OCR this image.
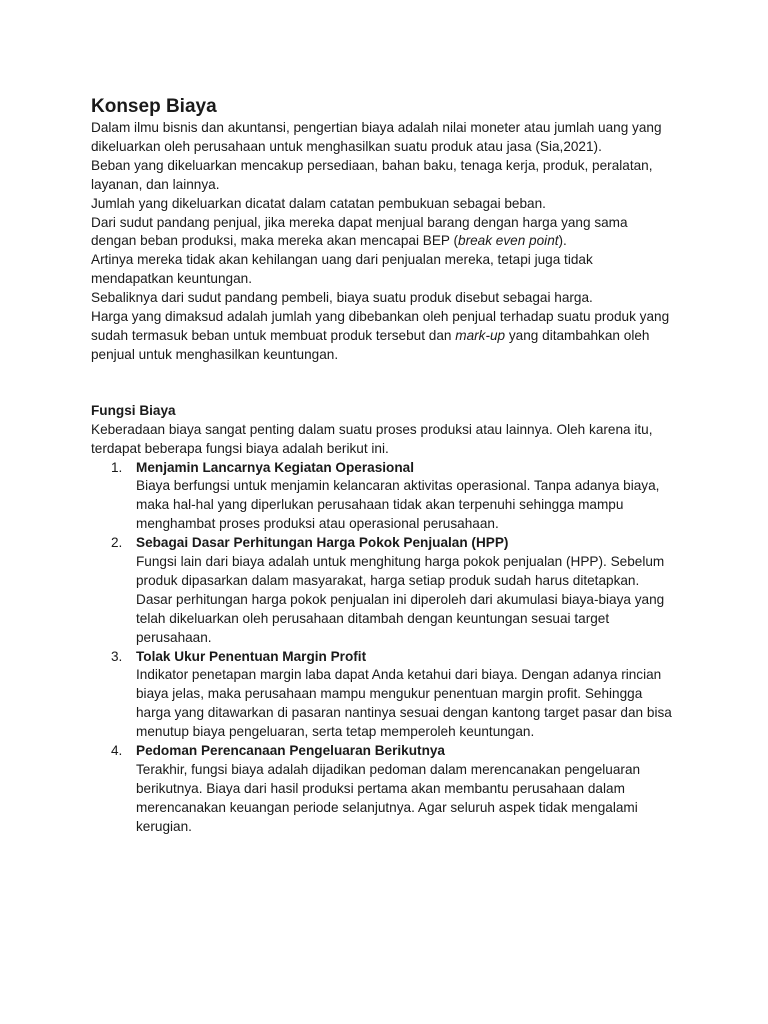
Konsep Biaya

Dalam ilmu bisnis dan akuntansi, pengertian biaya adalah nilai moneter atau jumlah uang yang

dikeluarkan oleh perusahaan untuk menghasilkan suatu produk atau jasa (Sia,2021).

Beban yang dikeluarkan mencakup persediaan, bahan baku, tenaga kerja, produk, peralatan,

layanan, dan lainnya.

Jumlah yang dikeluarkan dicatat dalam catatan pembukuan sebagai beban.

Dari sudut pandang penjual, jika mereka dapat menjual barang dengan harga yang sama

dengan beban produksi, maka mereka akan mencapai BEP (break even point).

Artinya mereka tidak akan kehilangan uang dari penjualan mereka, tetapi juga tidak

mendapatkan keuntungan.

Sebaliknya dari sudut pandang pembeli, biaya suatu produk disebut sebagai harga.

Harga yang dimaksud adalah jumlah yang dibebankan oleh penjual terhadap suatu produk yang

sudah termasuk beban untuk membuat produk tersebut dan mark-up yang ditambahkan oleh

penjual untuk menghasilkan keuntungan.

Fungsi Biaya

Keberadaan biaya sangat penting dalam suatu proses produksi atau lainnya. Oleh karena itu,

terdapat beberapa fungsi biaya adalah berikut ini.

1. Menjamin Lancarnya Kegiatan Operasional

Biaya berfungsi untuk menjamin kelancaran aktivitas operasional. Tanpa adanya biaya,

maka hal-hal yang diperlukan perusahaan tidak akan terpenuhi sehingga mampu

menghambat proses produksi atau operasional perusahaan.

2. Sebagai Dasar Perhitungan Harga Pokok Penjualan (HPP)

Fungsi lain dari biaya adalah untuk menghitung harga pokok penjualan (HPP). Sebelum

produk dipasarkan dalam masyarakat, harga setiap produk sudah harus ditetapkan.

Dasar perhitungan harga pokok penjualan ini diperoleh dari akumulasi biaya-biaya yang

telah dikeluarkan oleh perusahaan ditambah dengan keuntungan sesuai target

perusahaan.

3. Tolak Ukur Penentuan Margin Profit

Indikator penetapan margin laba dapat Anda ketahui dari biaya. Dengan adanya rincian

biaya jelas, maka perusahaan mampu mengukur penentuan margin profit. Sehingga

harga yang ditawarkan di pasaran nantinya sesuai dengan kantong target pasar dan bisa

menutup biaya pengeluaran, serta tetap memperoleh keuntungan.

4. Pedoman Perencanaan Pengeluaran Berikutnya

Terakhir, fungsi biaya adalah dijadikan pedoman dalam merencanakan pengeluaran

berikutnya. Biaya dari hasil produksi pertama akan membantu perusahaan dalam

merencanakan keuangan periode selanjutnya. Agar seluruh aspek tidak mengalami

kerugian.
